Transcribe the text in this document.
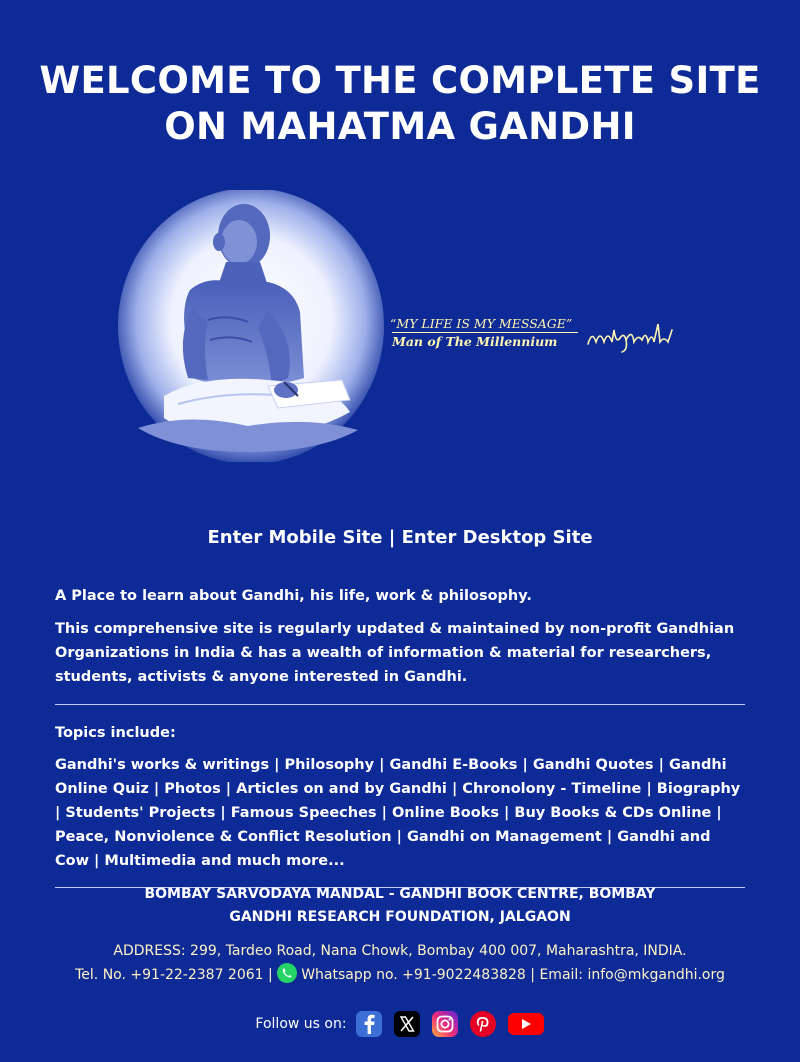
WELCOME TO THE COMPLETE SITE
ON MAHATMA GANDHI
“MY LIFE IS MY MESSAGE”
Man of The Millennium
Enter Mobile Site | Enter Desktop Site

A Place to learn about Gandhi, his life, work & philosophy.

This comprehensive site is regularly updated & maintained by non-profit Gandhian Organizations in India & has a wealth of information & material for researchers, students, activists & anyone interested in Gandhi.

Topics include:

Gandhi's works & writings | Philosophy | Gandhi E-Books | Gandhi Quotes | Gandhi Online Quiz | Photos | Articles on and by Gandhi | Chronolony - Timeline | Biography | Students' Projects | Famous Speeches | Online Books | Buy Books & CDs Online | Peace, Nonviolence & Conflict Resolution | Gandhi on Management | Gandhi and Cow | Multimedia and much more...

BOMBAY SARVODAYA MANDAL - GANDHI BOOK CENTRE, BOMBAY
GANDHI RESEARCH FOUNDATION, JALGAON
ADDRESS: 299, Tardeo Road, Nana Chowk, Bombay 400 007, Maharashtra, INDIA.
Tel. No. +91-22-2387 2061 | Whatsapp no. +91-9022483828 | Email: info@mkgandhi.org
Follow us on:
